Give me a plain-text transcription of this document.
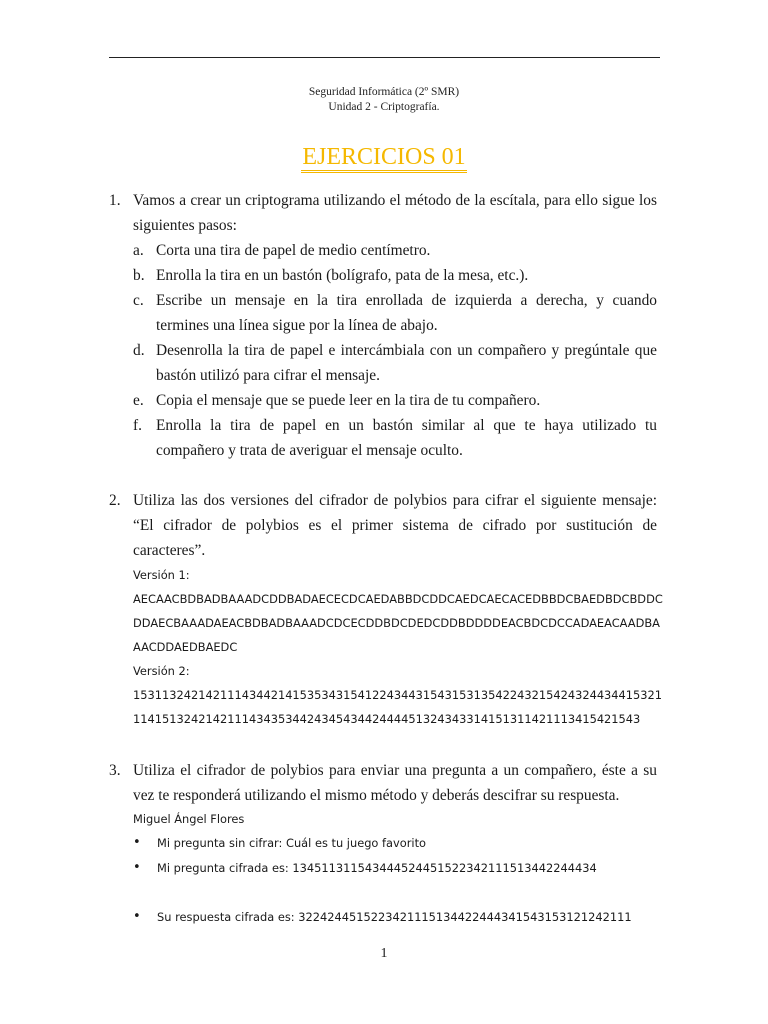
Seguridad Informática (2º SMR)
Unidad 2 - Criptografía.
EJERCICIOS 01
1. Vamos a crear un criptograma utilizando el método de la escítala, para ello sigue los
siguientes pasos:
a. Corta una tira de papel de medio centímetro.
b. Enrolla la tira en un bastón (bolígrafo, pata de la mesa, etc.).
c. Escribe un mensaje en la tira enrollada de izquierda a derecha, y cuando
termines una línea sigue por la línea de abajo.
d. Desenrolla la tira de papel e intercámbiala con un compañero y pregúntale que
bastón utilizó para cifrar el mensaje.
e. Copia el mensaje que se puede leer en la tira de tu compañero.
f. Enrolla la tira de papel en un bastón similar al que te haya utilizado tu
compañero y trata de averiguar el mensaje oculto.
2. Utiliza las dos versiones del cifrador de polybios para cifrar el siguiente mensaje:
“El cifrador de polybios es el primer sistema de cifrado por sustitución de
caracteres”.
Versión 1:
AECAACBDBADBAAADCDDBADAECECDCAEDABBDCDDCAEDCAECACEDBBDCBAEDBDCBDDC
DDAECBAAADAEACBDBADBAAADCDCECDDBDCDEDCDDBDDDDEACBDCDCCADAEACAADBA
AACDDAEDBAEDC
Versión 2:
153113242142111434421415353431541224344315431531354224321542432443441532​1
1141513242142111434353442434543442444451324343314151311421113415421543
3. Utiliza el cifrador de polybios para enviar una pregunta a un compañero, éste a su
vez te responderá utilizando el mismo método y deberás descifrar su respuesta.
Miguel Ángel Flores
• Mi pregunta sin cifrar: Cuál es tu juego favorito
• Mi pregunta cifrada es: 1345113115434445244515223421115134422444​34
• Su respuesta cifrada es: 3224244515223421115134422444341543153121242111
1
